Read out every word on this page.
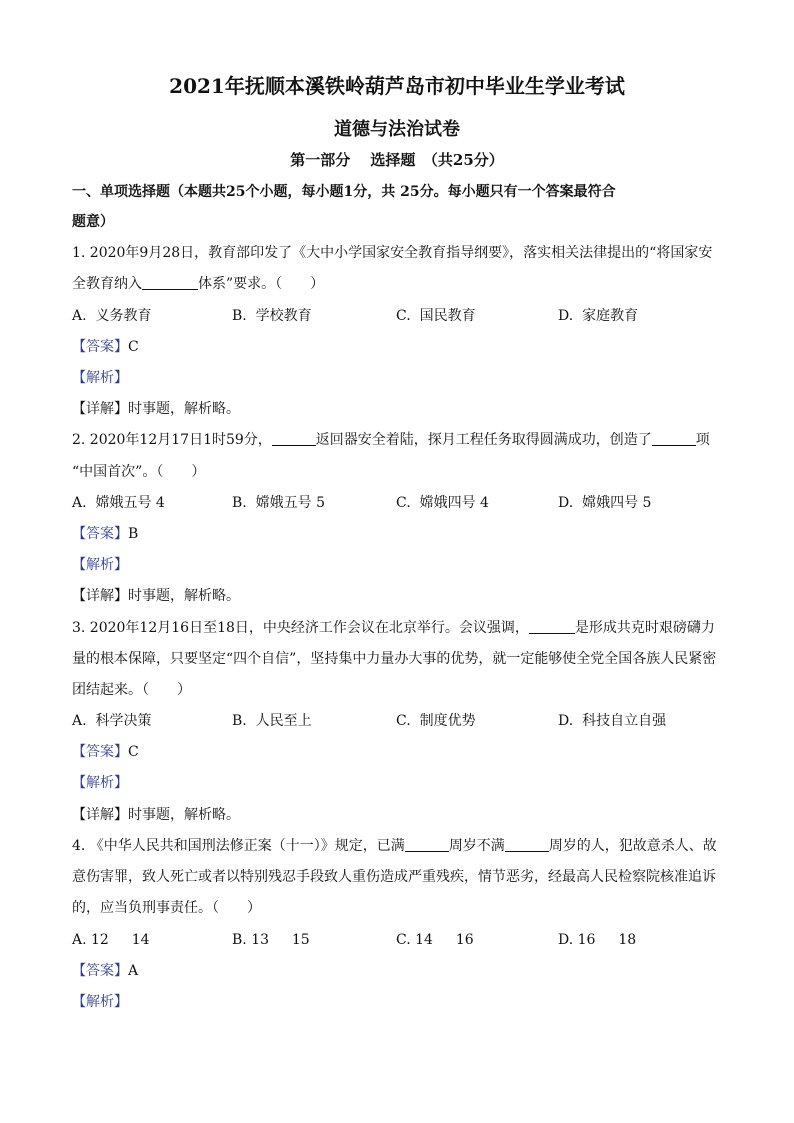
2021年抚顺本溪铁岭葫芦岛市初中毕业生学业考试
道德与法治试卷
第一部分　 选择题　（共25分）
一、单项选择题（本题共25个小题，每小题1分，共 25分。每小题只有一个答案最符合
题意）
1. 2020年9月28日，教育部印发了《大中小学国家安全教育指导纲要》，落实相关法律提出的“将国家安
全教育纳入	体系”要求。（　　）
A.  义务教育	B.  学校教育	C.  国民教育	D.  家庭教育
【答案】C
【解析】
【详解】时事题，解析略。
2. 2020年12月17日1时59分，	返回器安全着陆，探月工程任务取得圆满成功，创造了	项
“中国首次”。（　　）
A.  嫦娥五号 4	B.  嫦娥五号 5	C.  嫦娥四号 4	D.  嫦娥四号 5
【答案】B
【解析】
【详解】时事题，解析略。
3. 2020年12月16日至18日，中央经济工作会议在北京举行。会议强调，	是形成共克时艰磅礴力
量的根本保障，只要坚定“四个自信”，坚持集中力量办大事的优势，就一定能够使全党全国各族人民紧密
团结起来。（　　）
A.  科学决策	B.  人民至上	C.  制度优势	D.  科技自立自强
【答案】C
【解析】
【详解】时事题，解析略。
4. 《中华人民共和国刑法修正案（十一）》规定，已满	周岁不满	周岁的人，犯故意杀人、故
意伤害罪，致人死亡或者以特别残忍手段致人重伤造成严重残疾，情节恶劣，经最高人民检察院核准追诉
的，应当负刑事责任。（　　）
A. 12 　 14	B. 13 　 15	C. 14 　 16	D. 16 　 18
【答案】A
【解析】
